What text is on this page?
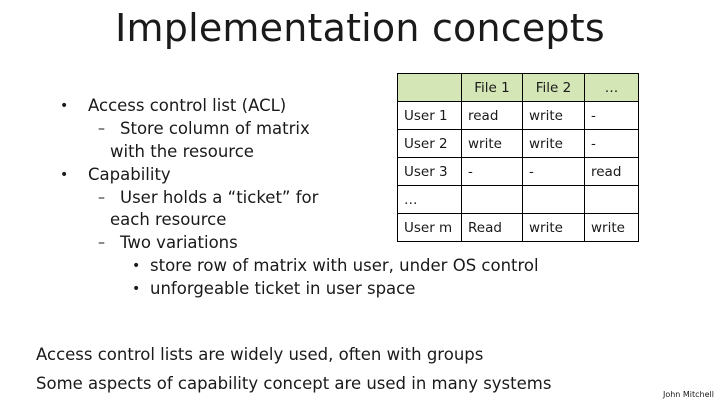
Implementation concepts
• Access control list (ACL)
– Store column of matrix
with the resource
• Capability
– User holds a “ticket” for
each resource
– Two variations
• store row of matrix with user, under OS control
• unforgeable ticket in user space
	File 1	File 2	…
User 1	read	write	-
User 2	write	write	-
User 3	-	-	read
…			
User m	Read	write	write
Access control lists are widely used, often with groups
Some aspects of capability concept are used in many systems
John Mitchell
